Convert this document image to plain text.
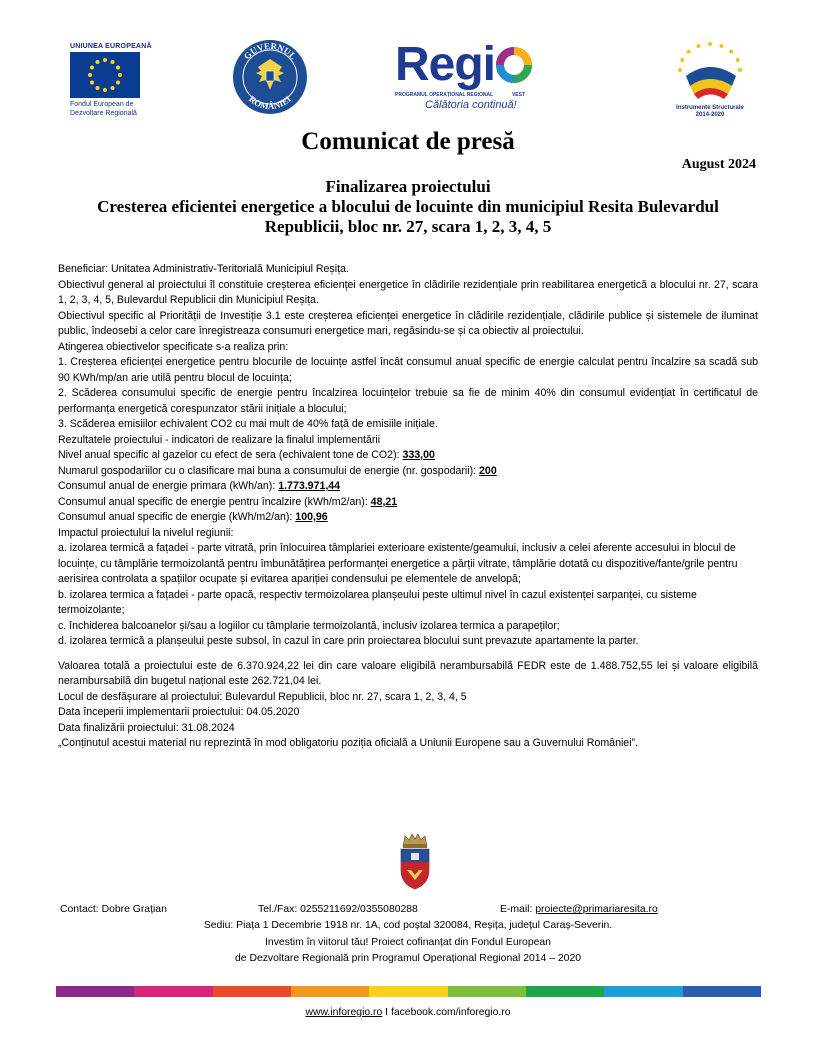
UNIUNEA EUROPEANĂ
Fondul European de
Dezvoltare Regională
GUVERNUL
ROMÂNIEI
Regi
PROGRAMUL OPERAȚIONAL REGIONAL	VEST
Călătoria continuă!	Instrumente Structurale
2014-2020
Comunicat de presă
August 2024
Finalizarea proiectului
Cresterea eficientei energetice a blocului de locuinte din municipiul Resita Bulevardul
Republicii, bloc nr. 27, scara 1, 2, 3, 4, 5

Beneficiar: Unitatea Administrativ-Teritorială Municipiul Reșița.

Obiectivul general al proiectului îl constituie creșterea eficienței energetice în clădirile rezidențiale prin reabilitarea energetică a blocului nr. 27, scara 1, 2, 3, 4, 5, Bulevardul Republicii din Municipiul Reșița.

Obiectivul specific al Priorității de Investiție 3.1 este creșterea eficienței energetice în clădirile rezidențiale, clădirile publice și sistemele de iluminat public, îndeosebi a celor care înregistreaza consumuri energetice mari, regăsindu-se și ca obiectiv al proiectului.

Atingerea obiectivelor specificate s-a realiza prin:

1. Creșterea eficienței energetice pentru blocurile de locuințe astfel încât consumul anual specific de energie calculat pentru încalzire sa scadă sub 90 KWh/mp/an arie utilă pentru blocul de locuința;

2. Scăderea consumului specific de energie pentru încalzirea locuințelor trebuie sa fie de minim 40% din consumul evidențiat în certificatul de performanța energetică corespunzator stării inițiale a blocului;

3. Scăderea emisiilor echivalent CO2 cu mai mult de 40% față de emisiile inițiale.

Rezultatele proiectului - indicatori de realizare la finalul implementării

Nivel anual specific al gazelor cu efect de sera (echivalent tone de CO2): 333,00

Numarul gospodariilor cu o clasificare mai buna a consumului de energie (nr. gospodarii): 200

Consumul anual de energie primara (kWh/an): 1.773.971,44

Consumul anual specific de energie pentru încalzire (kWh/m2/an): 48,21

Consumul anual specific de energie (kWh/m2/an): 100,96

Impactul proiectului la nivelul regiunii:

a. izolarea termică a fațadei - parte vitrată, prin înlocuirea tâmplariei exterioare existente/geamului, inclusiv a celei aferente accesului in blocul de locuințe, cu tâmplărie termoizolantă pentru îmbunătățirea performanței energetice a părții vitrate, tâmplărie dotată cu dispozitive/fante/grile pentru aerisirea controlata a spațiilor ocupate și evitarea apariției condensului pe elementele de anvelopă;

b. izolarea termica a fațadei - parte opacă, respectiv termoizolarea planșeului peste ultimul nivel în cazul existenței sarpanței, cu sisteme termoizolante;

c. închiderea balcoanelor și/sau a logiilor cu tâmplarie termoizolantă, inclusiv izolarea termica a parapeților;

d. izolarea termică a planșeului peste subsol, în cazul în care prin proiectarea blocului sunt prevazute apartamente la parter.

Valoarea totală a proiectului este de 6.370.924,22 lei din care valoare eligibilă nerambursabilă FEDR este de 1.488.752,55 lei și valoare eligibilă nerambursabilă din bugetul național este 262.721,04 lei.

Locul de desfășurare al proiectului: Bulevardul Republicii, bloc nr. 27, scara 1, 2, 3, 4, 5

Data începerii implementarii proiectului: 04.05.2020

Data finalizării proiectului: 31.08.2024

„Conținutul acestui material nu reprezintă în mod obligatoriu poziția oficială a Uniunii Europene sau a Guvernului României”.

Contact: Dobre Grațian	Tel./Fax: 0255211692/0355080288	E-mail: proiecte@primariaresita.ro
Sediu: Piața 1 Decembrie 1918 nr. 1A, cod poștal 320084, Reșița, județul Caraș-Severin.
Investim în viitorul tău! Proiect cofinanțat din Fondul European
de Dezvoltare Regională prin Programul Operațional Regional 2014 – 2020
www.inforegio.ro I facebook.com/inforegio.ro
